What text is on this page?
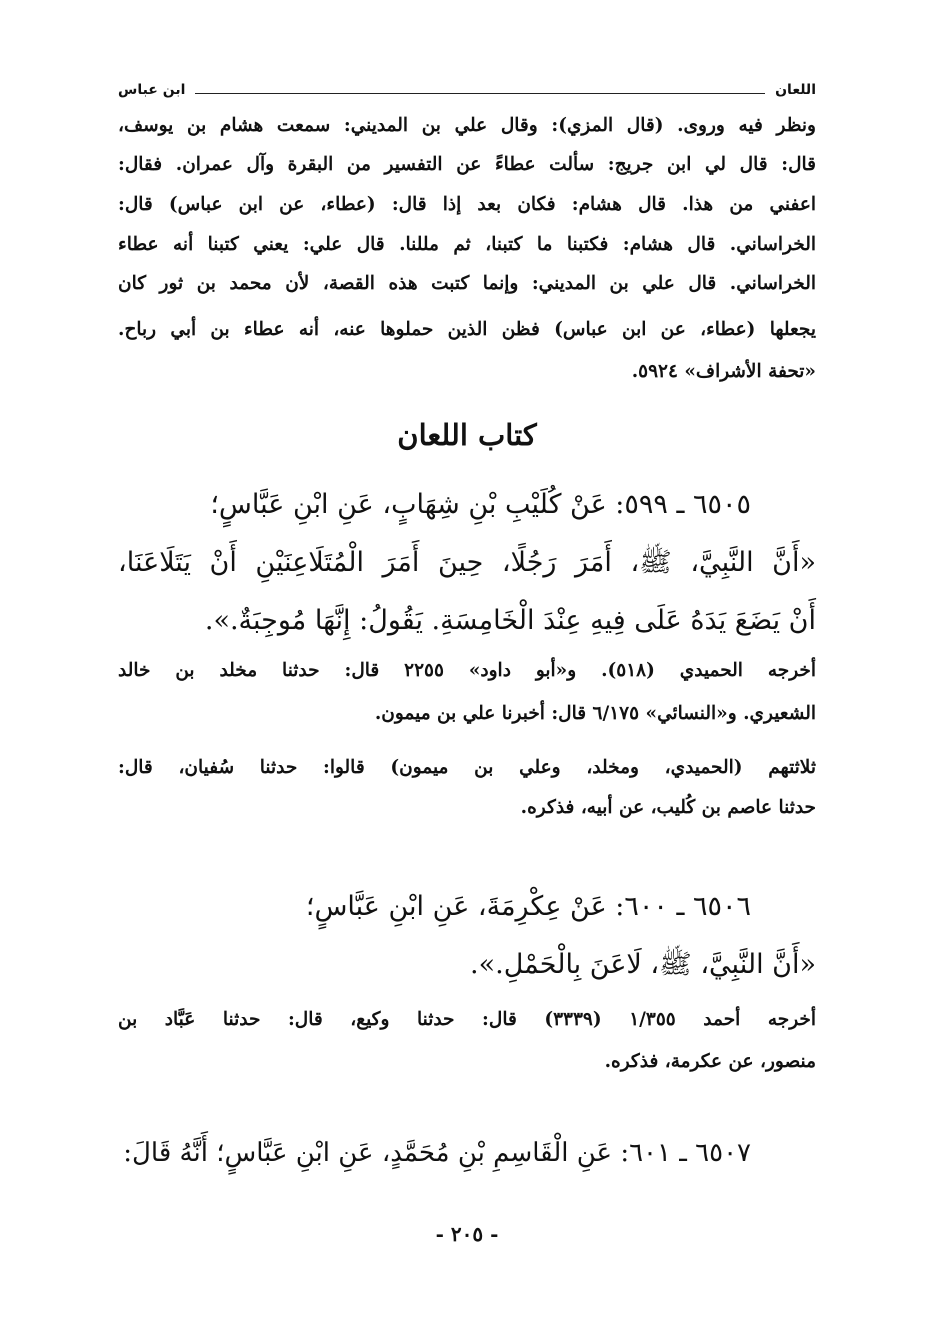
اللعان
ابن عباس
ونظر فيه وروى. (قال المزي): وقال علي بن المديني: سمعت هشام بن يوسف،
قال: قال لي ابن جريج: سألت عطاءً عن التفسير من البقرة وآل عمران. فقال:
اعفني من هذا. قال هشام: فكان بعد إذا قال: (عطاء، عن ابن عباس) قال:
الخراساني. قال هشام: فكتبنا ما كتبنا، ثم مللنا. قال علي: يعني كتبنا أنه عطاء
الخراساني. قال علي بن المديني: وإنما كتبت هذه القصة، لأن محمد بن ثور كان
يجعلها (عطاء، عن ابن عباس) فظن الذين حملوها عنه، أنه عطاء بن أبي رباح.
«تحفة الأشراف» ٥٩٢٤.
كتاب اللعان
٦٥٠٥ ـ ٥٩٩: عَنْ كُلَيْبِ بْنِ شِهَابٍ، عَنِ ابْنِ عَبَّاسٍ؛
«أَنَّ النَّبِيَّ، ﷺ، أَمَرَ رَجُلًا، حِينَ أَمَرَ الْمُتَلَاعِنَيْنِ أَنْ يَتَلَاعَنَا،
أَنْ يَضَعَ يَدَهُ عَلَى فِيهِ عِنْدَ الْخَامِسَةِ. يَقُولُ: إِنَّهَا مُوجِبَةٌ.».
أخرجه الحميدي (٥١٨). و«أبو داود» ٢٢٥٥ قال: حدثنا مخلد بن خالد
الشعيري. و«النسائي» ٦/١٧٥ قال: أخبرنا علي بن ميمون.
ثلاثتهم (الحميدي، ومخلد، وعلي بن ميمون) قالوا: حدثنا سُفيان، قال:
حدثنا عاصم بن كُليب، عن أبيه، فذكره.
٦٥٠٦ ـ ٦٠٠: عَنْ عِكْرِمَةَ، عَنِ ابْنِ عَبَّاسٍ؛
«أَنَّ النَّبِيَّ، ﷺ، لَاعَنَ بِالْحَمْلِ.».
أخرجه أحمد ١/٣٥٥ (٣٣٣٩) قال: حدثنا وكيع، قال: حدثنا عَبَّاد بن
منصور، عن عكرمة، فذكره.
٦٥٠٧ ـ ٦٠١: عَنِ الْقَاسِمِ بْنِ مُحَمَّدٍ، عَنِ ابْنِ عَبَّاسٍ؛ أَنَّهُ قَالَ:
- ٢٠٥ -
